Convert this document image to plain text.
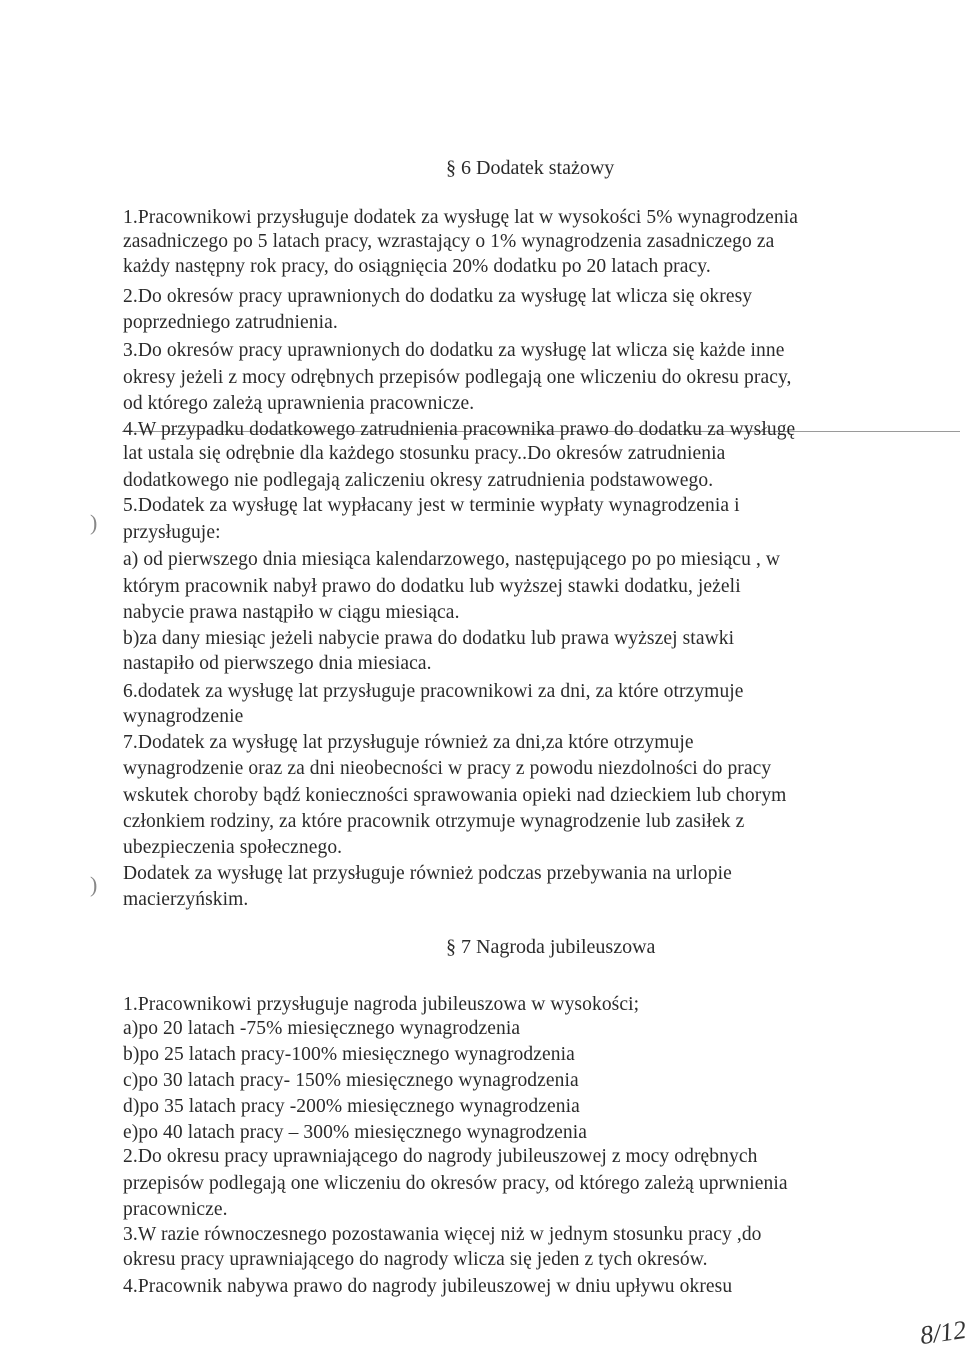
§ 6 Dodatek stażowy
1.Pracownikowi przysługuje dodatek za wysługę lat w wysokości 5% wynagrodzenia
zasadniczego po 5 latach pracy, wzrastający o 1% wynagrodzenia zasadniczego za
każdy następny rok pracy, do osiągnięcia 20% dodatku po 20 latach pracy.
2.Do okresów pracy uprawnionych do dodatku za wysługę lat wlicza się okresy
poprzedniego zatrudnienia.
3.Do okresów pracy uprawnionych do dodatku za wysługę lat wlicza się każde inne
okresy jeżeli z mocy odrębnych przepisów podlegają one wliczeniu do okresu pracy,
od którego zależą uprawnienia pracownicze.
4.W przypadku dodatkowego zatrudnienia pracownika prawo do dodatku za wysługę
lat ustala się odrębnie dla każdego stosunku pracy..Do okresów zatrudnienia
dodatkowego nie podlegają zaliczeniu okresy zatrudnienia podstawowego.
5.Dodatek za wysługę lat wypłacany jest w terminie wypłaty wynagrodzenia i
przysługuje:
a) od pierwszego dnia miesiąca kalendarzowego, następującego po po miesiącu , w
którym pracownik nabył prawo do dodatku lub wyższej stawki dodatku, jeżeli
nabycie prawa nastąpiło w ciągu miesiąca.
b)za dany miesiąc jeżeli nabycie prawa do dodatku lub prawa wyższej stawki
nastapiło od pierwszego dnia miesiaca.
6.dodatek za wysługę lat przysługuje pracownikowi za dni, za które otrzymuje
wynagrodzenie
7.Dodatek za wysługę lat przysługuje również za dni,za które otrzymuje
wynagrodzenie oraz za dni nieobecności w pracy z powodu niezdolności do pracy
wskutek choroby bądź konieczności sprawowania opieki nad dzieckiem lub chorym
członkiem rodziny, za które pracownik otrzymuje wynagrodzenie lub zasiłek z
ubezpieczenia społecznego.
Dodatek za wysługę lat przysługuje również podczas przebywania na urlopie
macierzyńskim.
§ 7 Nagroda jubileuszowa
1.Pracownikowi przysługuje nagroda jubileuszowa w wysokości;
a)po 20 latach -75% miesięcznego wynagrodzenia
b)po 25 latach pracy-100% miesięcznego wynagrodzenia
c)po 30 latach pracy- 150% miesięcznego wynagrodzenia
d)po 35 latach pracy -200% miesięcznego wynagrodzenia
e)po 40 latach pracy – 300% miesięcznego wynagrodzenia
2.Do okresu pracy uprawniającego do nagrody jubileuszowej z mocy odrębnych
przepisów podlegają one wliczeniu do okresów pracy, od którego zależą uprwnienia
pracownicze.
3.W razie równoczesnego pozostawania więcej niż w jednym stosunku pracy ,do
okresu pracy uprawniającego do nagrody wlicza się jeden z tych okresów.
4.Pracownik nabywa prawo do nagrody jubileuszowej w dniu upływu okresu
)
)
8/12
